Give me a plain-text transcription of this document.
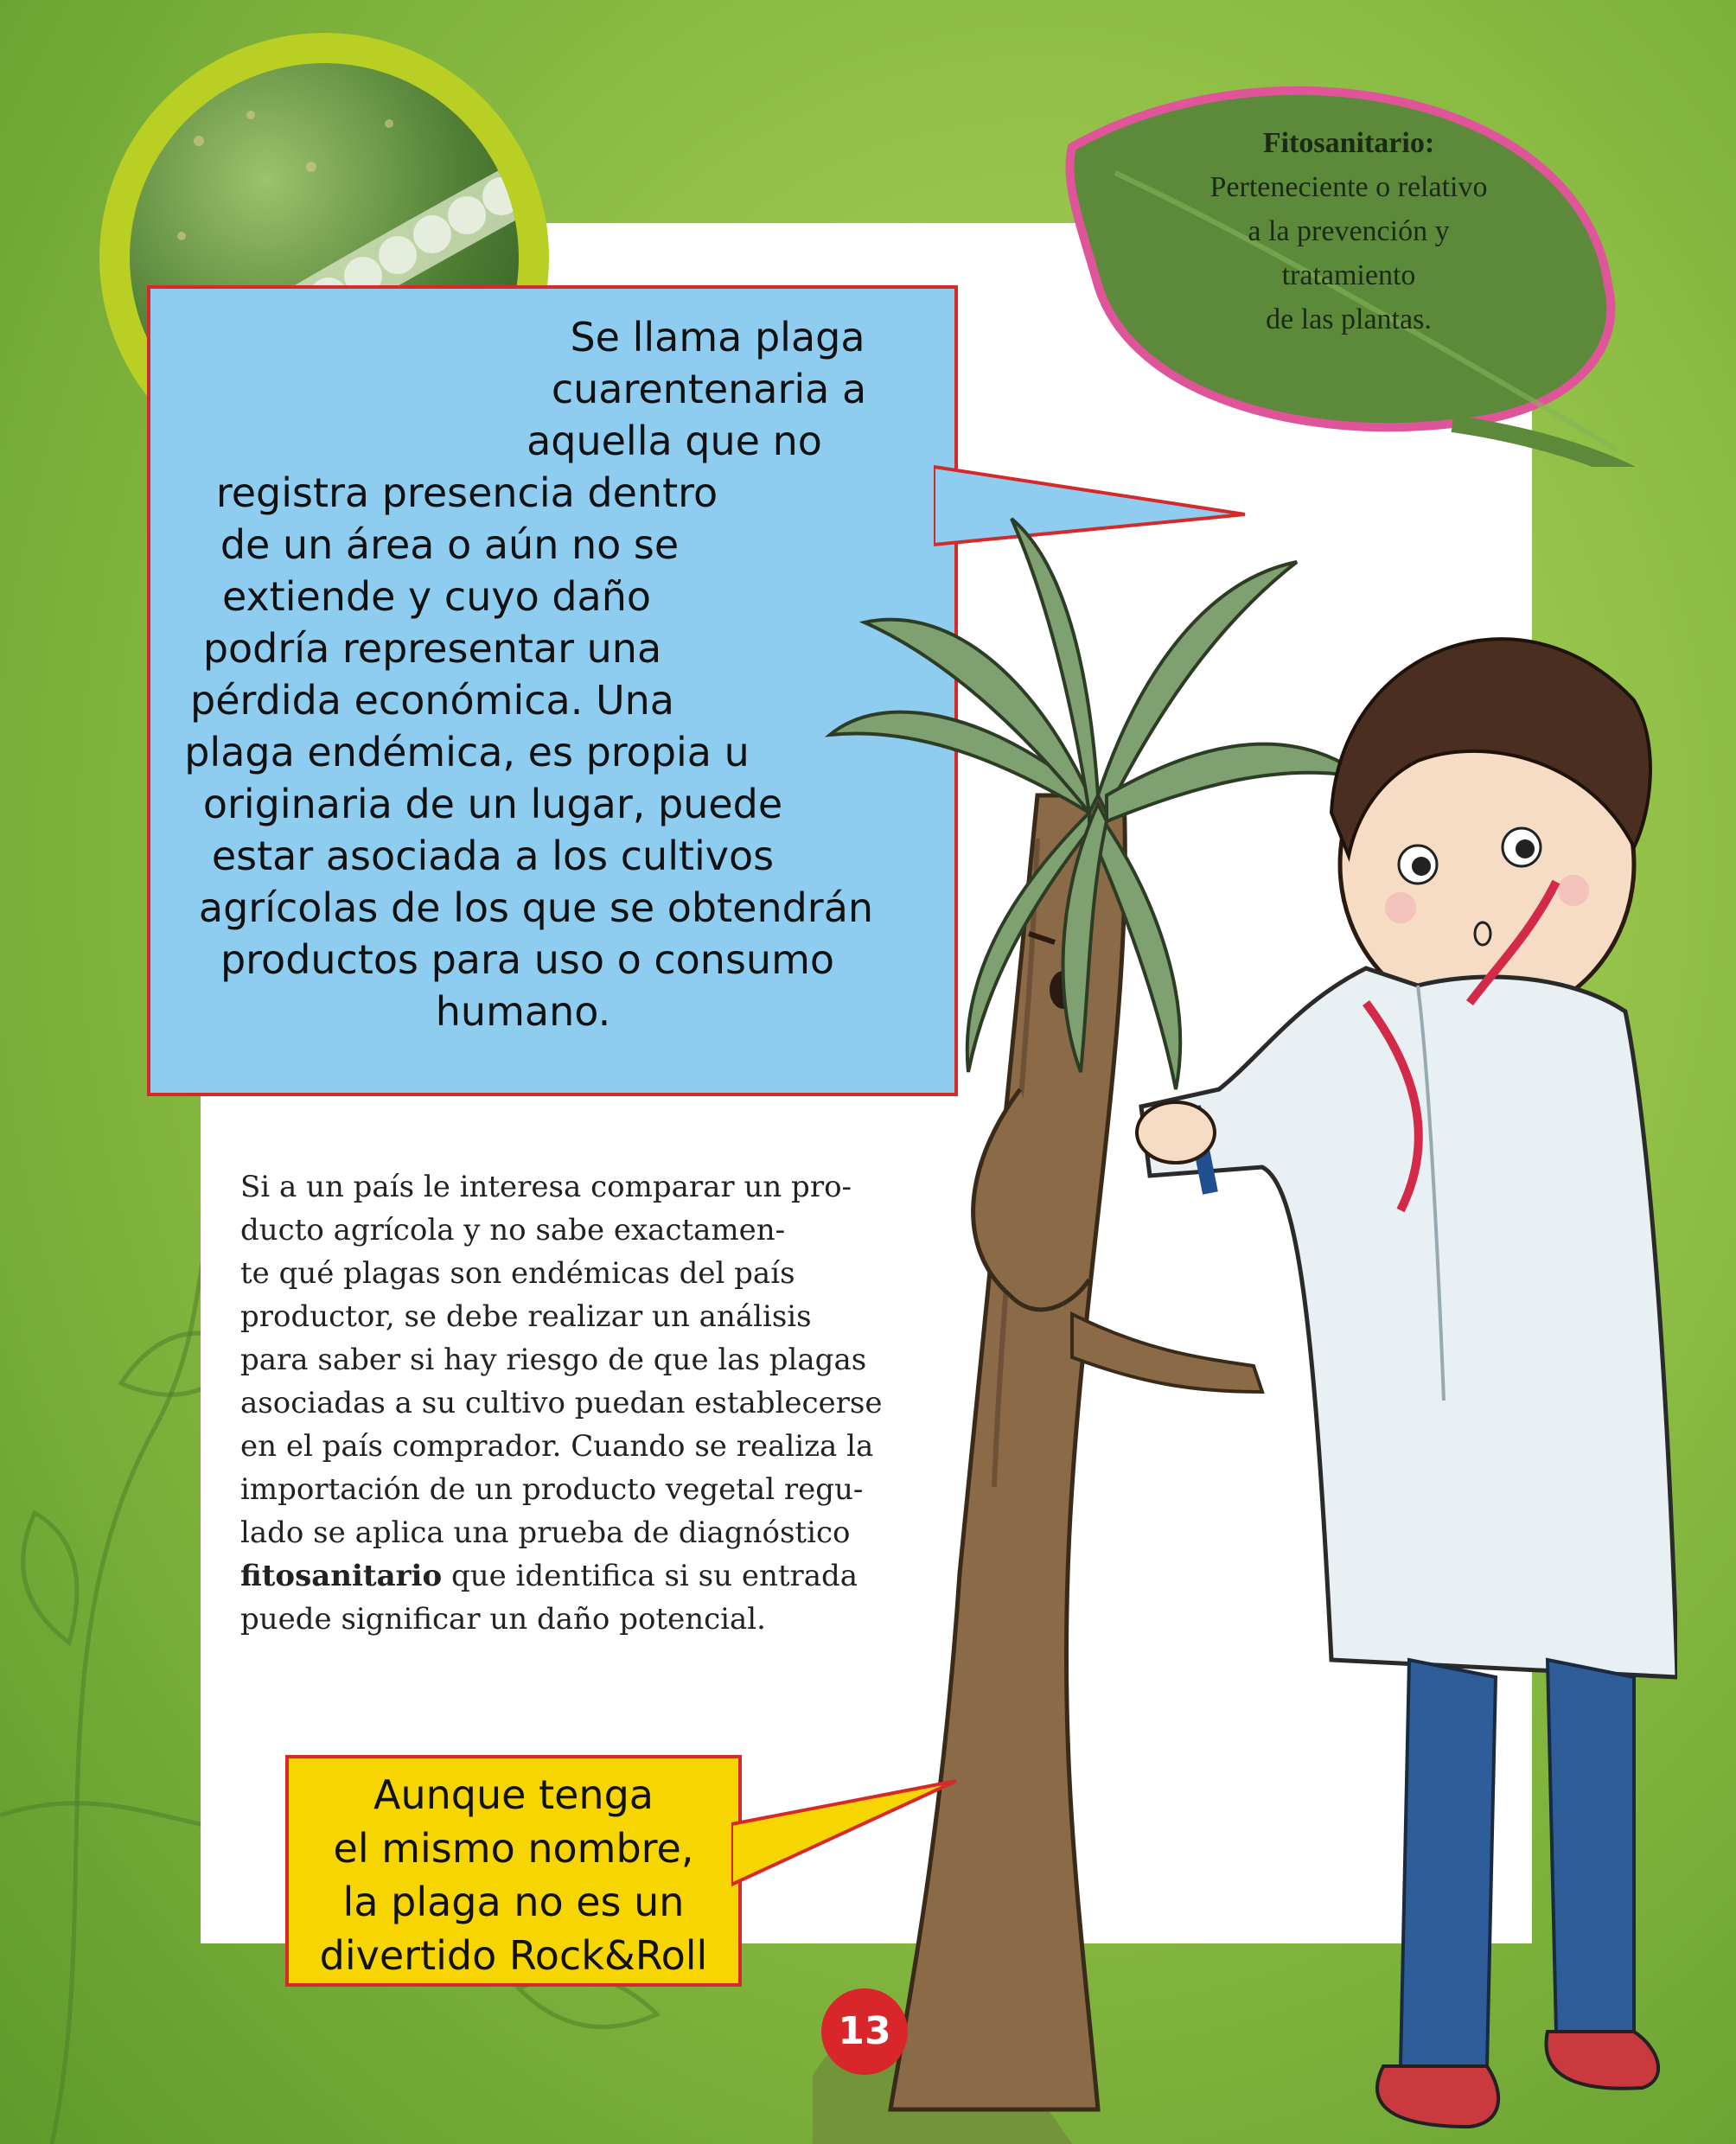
Fitosanitario:
Perteneciente o relativo
a la prevención y
tratamiento
de las plantas.
Se llama plaga
cuarentenaria a
aquella que no
registra presencia dentro
de un área o aún no se
extiende y cuyo daño
podría representar una
pérdida económica. Una
plaga endémica, es propia u
originaria de un lugar, puede
estar asociada a los cultivos
agrícolas de los que se obtendrán
productos para uso o consumo
humano.
Si a un país le interesa comparar un pro-
ducto agrícola y no sabe exactamen-
te qué plagas son endémicas del país
productor, se debe realizar un análisis
para saber si hay riesgo de que las plagas
asociadas a su cultivo puedan establecerse
en el país comprador. Cuando se realiza la
importación de un producto vegetal regu-
lado se aplica una prueba de diagnóstico
fitosanitario que identifica si su entrada
puede significar un daño potencial.
Aunque tenga
el mismo nombre,
la plaga no es un
divertido Rock&Roll
13
